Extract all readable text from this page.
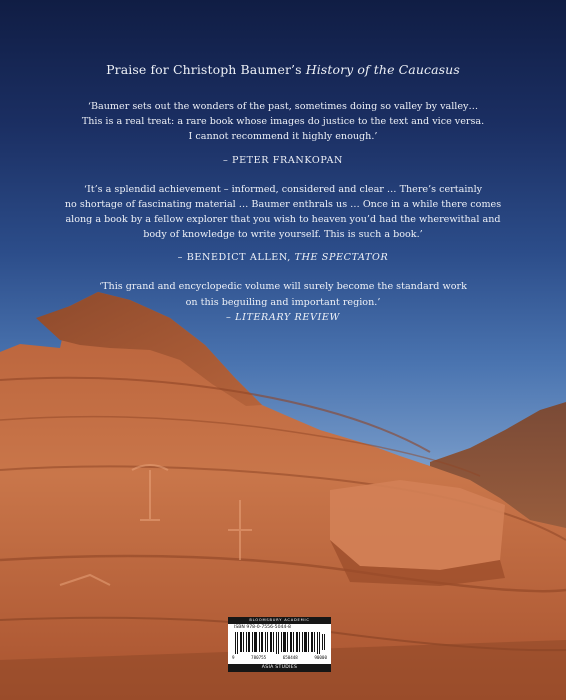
Praise for Christoph Baumer’s History of the Caucasus

‘Baumer sets out the wonders of the past, sometimes doing so valley by valley…

This is a real treat: a rare book whose images do justice to the text and vice versa.

I cannot recommend it highly enough.’

– PETER FRANKOPAN

‘It’s a splendid achievement – informed, considered and clear … There’s certainly

no shortage of fascinating material … Baumer enthrals us … Once in a while there comes

along a book by a fellow explorer that you wish to heaven you’d had the wherewithal and

body of knowledge to write yourself. This is such a book.’

– BENEDICT ALLEN, THE SPECTATOR

‘This grand and encyclopedic volume will surely become the standard work

on this beguiling and important region.’

– LITERARY REVIEW
BLOOMSBURY ACADEMIC
ISBN 978-0-7556-5044-8
9	780755	650448	90000
ASIA STUDIES
